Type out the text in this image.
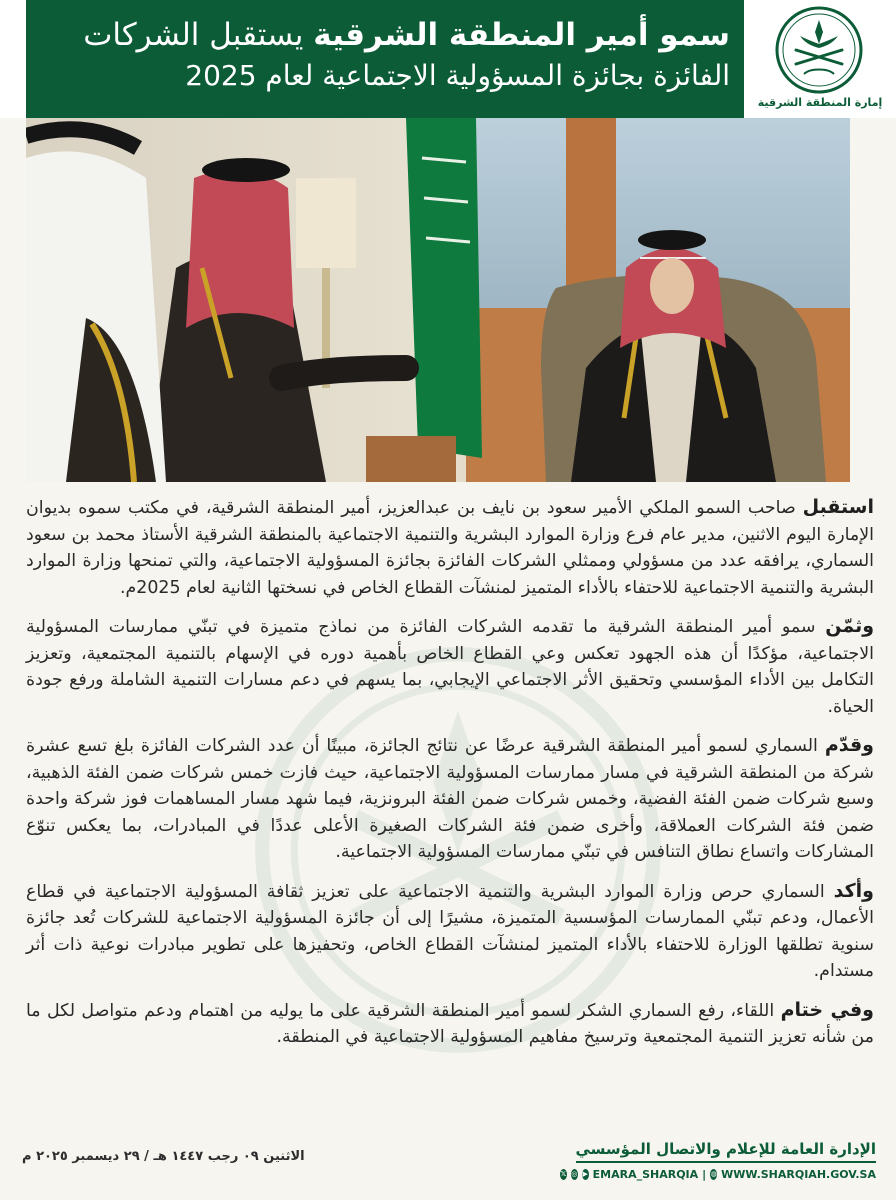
سمو أمير المنطقة الشرقية يستقبل الشركات
الفائزة بجائزة المسؤولية الاجتماعية لعام 2025
إمارة المنطقة الشرقية

استقبل صاحب السمو الملكي الأمير سعود بن نايف بن عبدالعزيز، أمير المنطقة الشرقية، في مكتب سموه بديوان الإمارة اليوم الاثنين، مدير عام فرع وزارة الموارد البشرية والتنمية الاجتماعية بالمنطقة الشرقية الأستاذ محمد بن سعود السماري، يرافقه عدد من مسؤولي وممثلي الشركات الفائزة بجائزة المسؤولية الاجتماعية، والتي تمنحها وزارة الموارد البشرية والتنمية الاجتماعية للاحتفاء بالأداء المتميز لمنشآت القطاع الخاص في نسختها الثانية لعام 2025م.

وثمّن سمو أمير المنطقة الشرقية ما تقدمه الشركات الفائزة من نماذج متميزة في تبنّي ممارسات المسؤولية الاجتماعية، مؤكدًا أن هذه الجهود تعكس وعي القطاع الخاص بأهمية دوره في الإسهام بالتنمية المجتمعية، وتعزيز التكامل بين الأداء المؤسسي وتحقيق الأثر الاجتماعي الإيجابي، بما يسهم في دعم مسارات التنمية الشاملة ورفع جودة الحياة.

وقدّم السماري لسمو أمير المنطقة الشرقية عرضًا عن نتائج الجائزة، مبينًا أن عدد الشركات الفائزة بلغ تسع عشرة شركة من المنطقة الشرقية في مسار ممارسات المسؤولية الاجتماعية، حيث فازت خمس شركات ضمن الفئة الذهبية، وسبع شركات ضمن الفئة الفضية، وخمس شركات ضمن الفئة البرونزية، فيما شهد مسار المساهمات فوز شركة واحدة ضمن فئة الشركات العملاقة، وأخرى ضمن فئة الشركات الصغيرة الأعلى عددًا في المبادرات، بما يعكس تنوّع المشاركات واتساع نطاق التنافس في تبنّي ممارسات المسؤولية الاجتماعية.

وأكد السماري حرص وزارة الموارد البشرية والتنمية الاجتماعية على تعزيز ثقافة المسؤولية الاجتماعية في قطاع الأعمال، ودعم تبنّي الممارسات المؤسسية المتميزة، مشيرًا إلى أن جائزة المسؤولية الاجتماعية للشركات تُعد جائزة سنوية تطلقها الوزارة للاحتفاء بالأداء المتميز لمنشآت القطاع الخاص، وتحفيزها على تطوير مبادرات نوعية ذات أثر مستدام.

وفي ختام اللقاء، رفع السماري الشكر لسمو أمير المنطقة الشرقية على ما يوليه من اهتمام ودعم متواصل لكل ما من شأنه تعزيز التنمية المجتمعية وترسيخ مفاهيم المسؤولية الاجتماعية في المنطقة.

الاثنين ٠٩ رجب ١٤٤٧ هـ / ٢٩ ديسمبر ٢٠٢٥ م	الإدارة العامة للإعلام والاتصال المؤسسي
𝕏 ◎ ▶ EMARA_SHARQIA | ◍ WWW.SHARQIAH.GOV.SA
